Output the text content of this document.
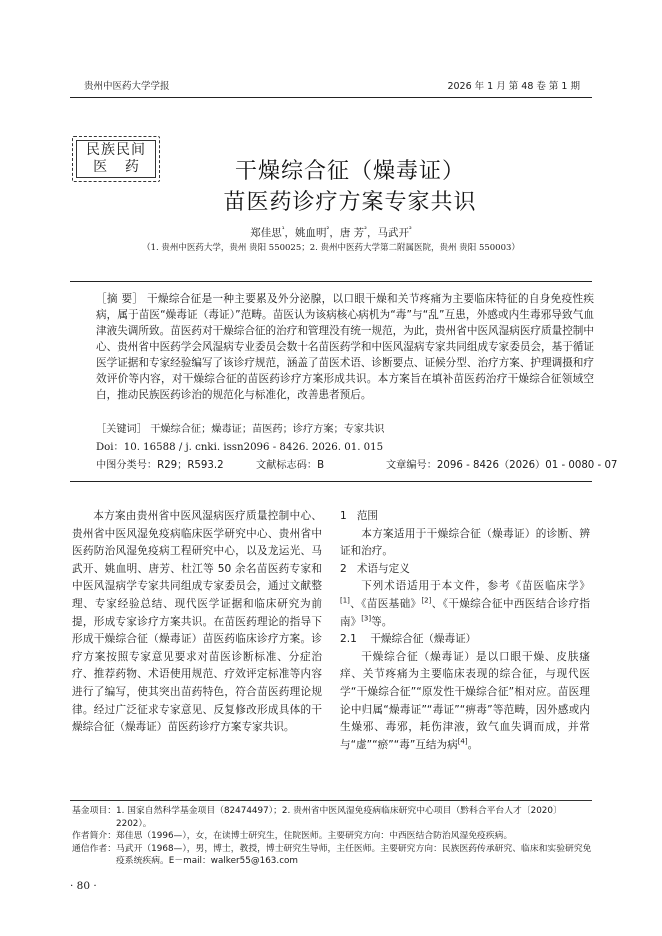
贵州中医药大学学报	2026 年 1 月 第 48 卷 第 1 期
民族民间
医    药	干燥综合征（燥毒证）
苗医药诊疗方案专家共识
郑佳思$^{^1}$，姚血明$^{^2}$，唐 芳$^{^2}$，马武开$^{^2}$
（1. 贵州中医药大学，贵州 贵阳 550025；2. 贵州中医药大学第二附属医院，贵州 贵阳 550003）
［摘 要］ 干燥综合征是一种主要累及外分泌腺，以口眼干燥和关节疼痛为主要临床特征的自身免疫性疾病，属于苗医“燥毒证（毒证）”范畴。苗医认为该病核心病机为“毒”与“乱”互患，外感或内生毒邪导致气血津液失调所致。苗医药对干燥综合征的治疗和管理没有统一规范，为此，贵州省中医风湿病医疗质量控制中心、贵州省中医药学会风湿病专业委员会数十名苗医药学和中医风湿病专家共同组成专家委员会，基于循证医学证据和专家经验编写了该诊疗规范，涵盖了苗医术语、诊断要点、证候分型、治疗方案、护理调摄和疗效评价等内容，对干燥综合征的苗医药诊疗方案形成共识。本方案旨在填补苗医药治疗干燥综合征领域空白，推动民族医药诊治的规范化与标准化，改善患者预后。
［关键词］ 干燥综合征；燥毒证；苗医药；诊疗方案；专家共识
Doi：10. 16588 / j. cnki. issn2096 - 8426. 2026. 01. 015
中图分类号：R29；R593.2	文献标志码：B	文章编号：2096 - 8426（2026）01 - 0080 - 07

本方案由贵州省中医风湿病医疗质量控制中心、贵州省中医风湿免疫病临床医学研究中心、贵州省中医药防治风湿免疫病工程研究中心，以及龙运光、马武开、姚血明、唐芳、杜江等 50 余名苗医药专家和中医风湿病学专家共同组成专家委员会，通过文献整理、专家经验总结、现代医学证据和临床研究为前提，形成专家诊疗方案共识。在苗医药理论的指导下形成干燥综合征（燥毒证）苗医药临床诊疗方案。诊疗方案按照专家意见要求对苗医诊断标准、分症治疗、推荐药物、术语使用规范、疗效评定标准等内容进行了编写，使其突出苗药特色，符合苗医药理论规律。经过广泛征求专家意见、反复修改形成具体的干燥综合征（燥毒证）苗医药诊疗方案专家共识。

1   范围

本方案适用于干燥综合征（燥毒证）的诊断、辨证和治疗。

2   术语与定义

下列术语适用于本文件，参考《苗医临床学》[1]、《苗医基础》[2]、《干燥综合征中西医结合诊疗指南》[3]等。

2.1    干燥综合征（燥毒证）

干燥综合征（燥毒证）是以口眼干燥、皮肤瘙痒、关节疼痛为主要临床表现的综合征，与现代医学“干燥综合征”“原发性干燥综合征”相对应。苗医理论中归属“燥毒证”“毒证”“痹毒”等范畴，因外感或内生燥邪、毒邪，耗伤津液，致气血失调而成，并常与“虚”“瘀”“毒”互结为病[4]。

基金项目：1. 国家自然科学基金项目（82474497）；2. 贵州省中医风湿免疫病临床研究中心项目（黔科合平台人才〔2020〕2202）。
作者简介：郑佳思（1996—），女，在读博士研究生，住院医师。主要研究方向：中西医结合防治风湿免疫疾病。
通信作者：马武开（1968—），男，博士，教授，博士研究生导师，主任医师。主要研究方向：民族医药传承研究、临床和实验研究免疫系统疾病。E－mail：walker55@163.com
· 80 ·
